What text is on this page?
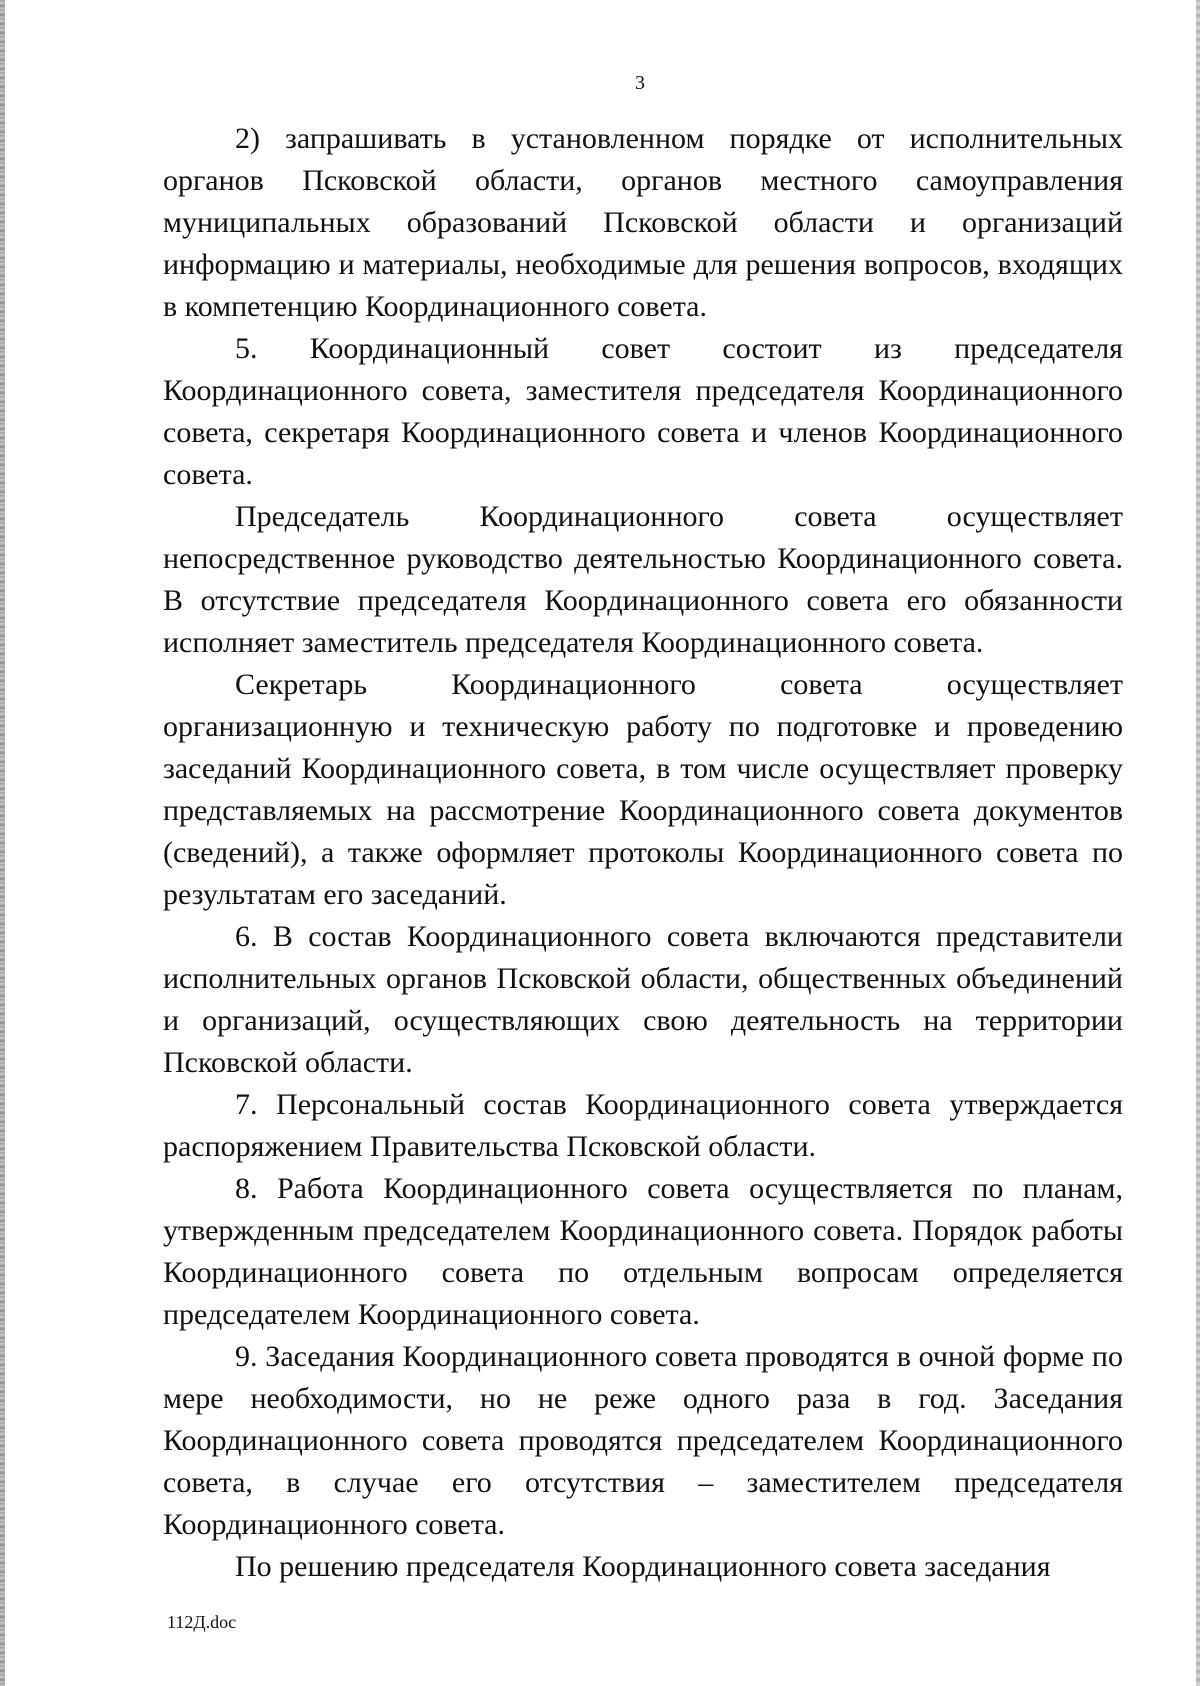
3

2) запрашивать в установленном порядке от исполнительных органов Псковской области, органов местного самоуправления муниципальных образований Псковской области и организаций информацию и материалы, необходимые для решения вопросов, входящих в компетенцию Координационного совета.

5. Координационный совет состоит из председателя Координационного совета, заместителя председателя Координационного совета, секретаря Координационного совета и членов Координационного совета.

Председатель Координационного совета осуществляет непосредственное руководство деятельностью Координационного совета. В отсутствие председателя Координационного совета его обязанности исполняет заместитель председателя Координационного совета.

Секретарь Координационного совета осуществляет организационную и техническую работу по подготовке и проведению заседаний Координационного совета, в том числе осуществляет проверку представляемых на рассмотрение Координационного совета документов (сведений), а также оформляет протоколы Координационного совета по результатам его заседаний.

6. В состав Координационного совета включаются представители исполнительных органов Псковской области, общественных объединений и организаций, осуществляющих свою деятельность на территории Псковской области.

7. Персональный состав Координационного совета утверждается распоряжением Правительства Псковской области.

8. Работа Координационного совета осуществляется по планам, утвержденным председателем Координационного совета. Порядок работы Координационного совета по отдельным вопросам определяется председателем Координационного совета.

9. Заседания Координационного совета проводятся в очной форме по мере необходимости, но не реже одного раза в год. Заседания Координационного совета проводятся председателем Координационного совета, в случае его отсутствия – заместителем председателя Координационного совета.

По решению председателя Координационного совета заседания

112Д.doc
